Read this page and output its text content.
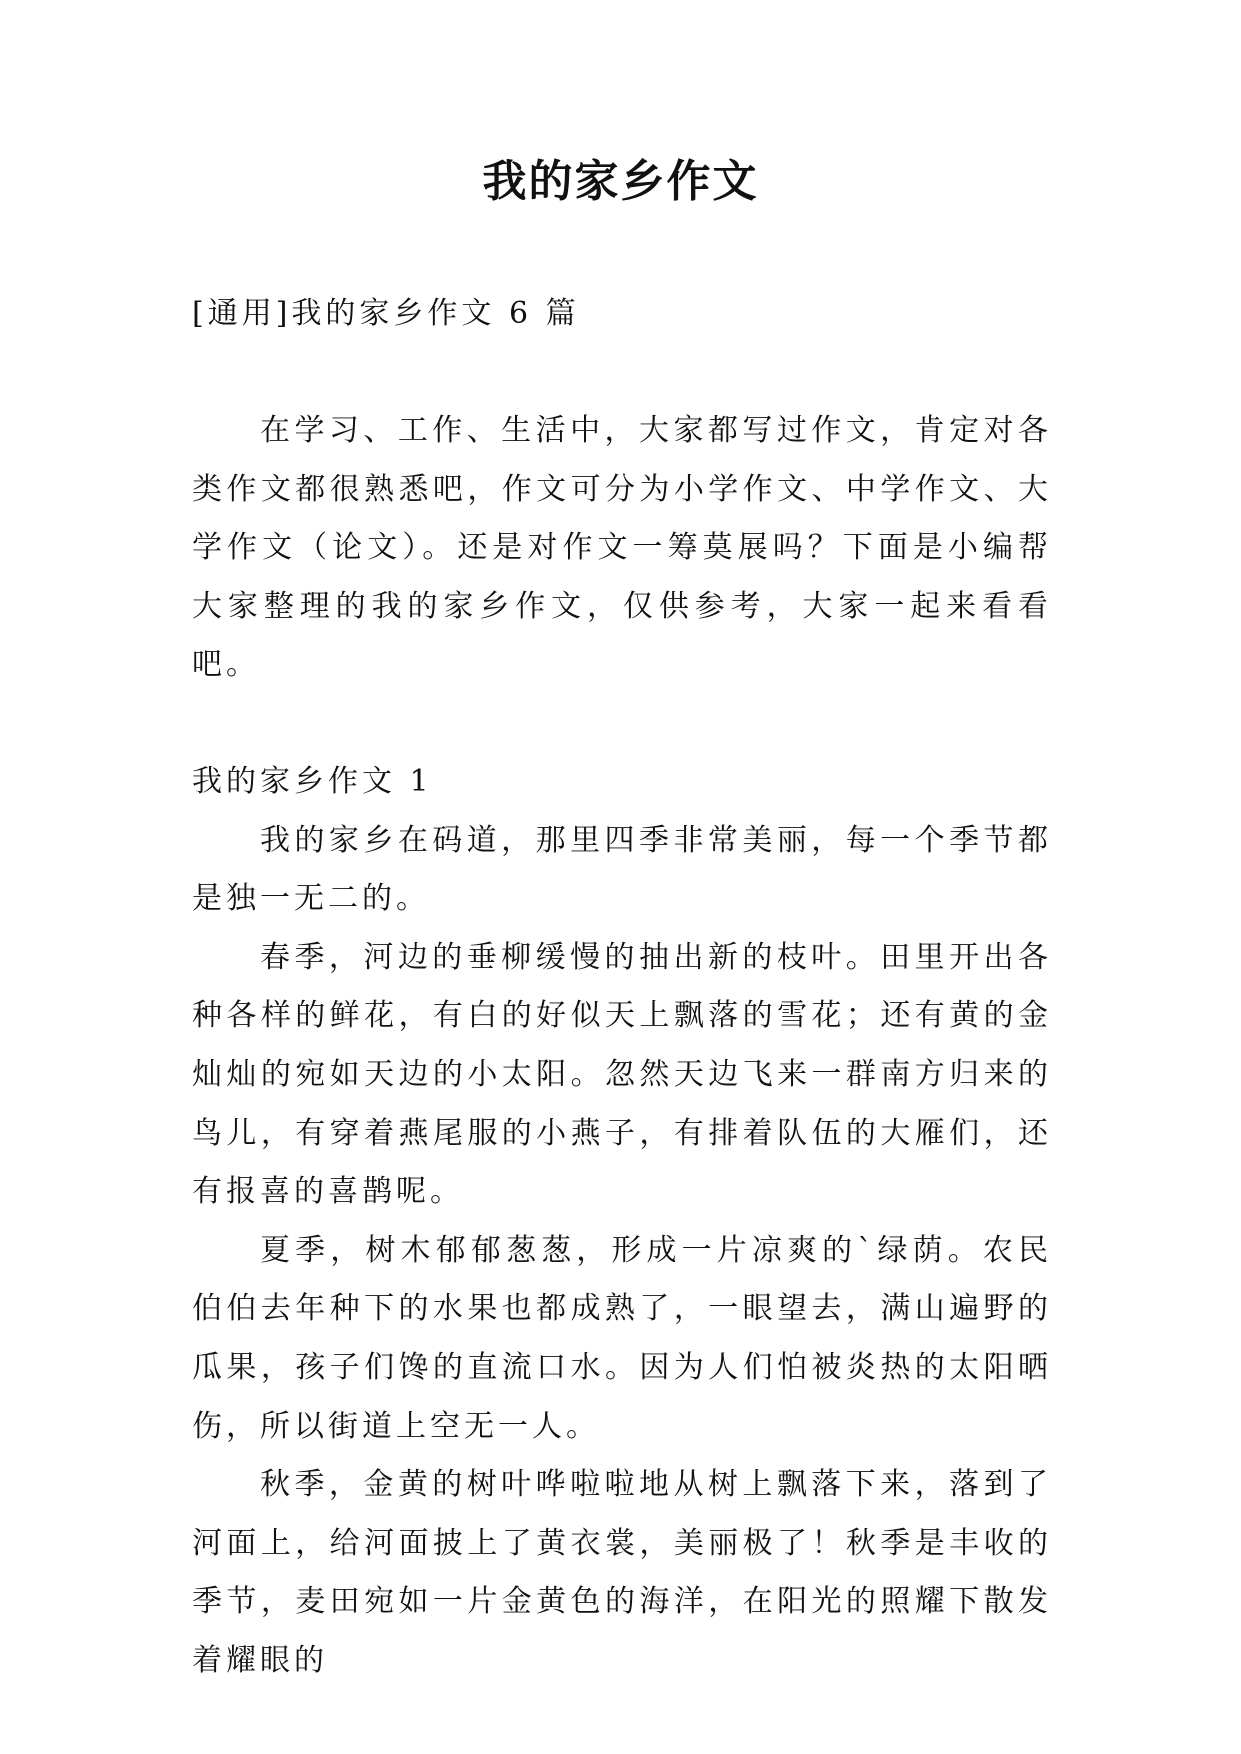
我的家乡作文
[通用]我的家乡作文 6 篇

在学习、工作、生活中，大家都写过作文，肯定对各类作文都很熟悉吧，作文可分为小学作文、中学作文、大学作文（论文）。还是对作文一筹莫展吗？下面是小编帮大家整理的我的家乡作文，仅供参考，大家一起来看看吧。

我的家乡作文 1

我的家乡在码道，那里四季非常美丽，每一个季节都是独一无二的。

春季，河边的垂柳缓慢的抽出新的枝叶。田里开出各种各样的鲜花，有白的好似天上飘落的雪花；还有黄的金灿灿的宛如天边的小太阳。忽然天边飞来一群南方归来的鸟儿，有穿着燕尾服的小燕子，有排着队伍的大雁们，还有报喜的喜鹊呢。

夏季，树木郁郁葱葱，形成一片凉爽的`绿荫。农民伯伯去年种下的水果也都成熟了，一眼望去，满山遍野的瓜果，孩子们馋的直流口水。因为人们怕被炎热的太阳晒伤，所以街道上空无一人。

秋季，金黄的树叶哗啦啦地从树上飘落下来，落到了河面上，给河面披上了黄衣裳，美丽极了！秋季是丰收的季节，麦田宛如一片金黄色的海洋，在阳光的照耀下散发着耀眼的
